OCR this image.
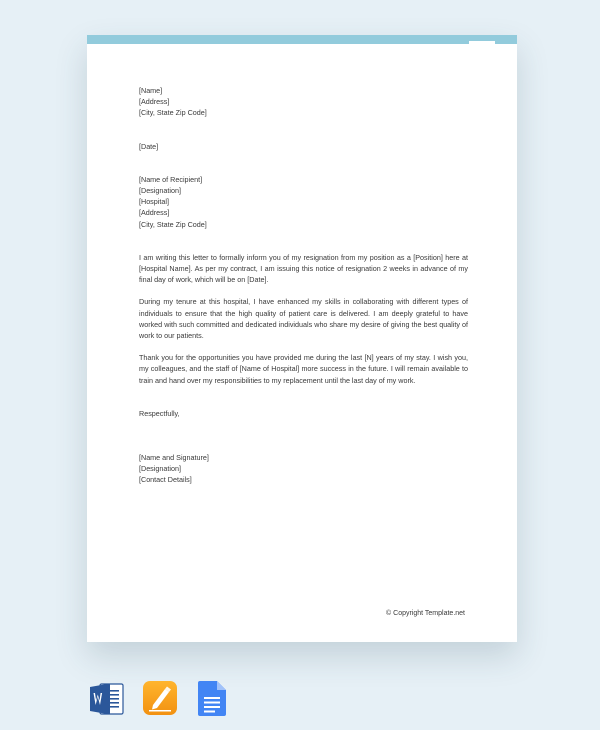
[Name]
[Address]
[City, State Zip Code]
[Date]
[Name of Recipient]
[Designation]
[Hospital]
[Address]
[City, State Zip Code]

I am writing this letter to formally inform you of my resignation from my position as a [Position] here at [Hospital Name]. As per my contract, I am issuing this notice of resignation 2 weeks in advance of my final day of work, which will be on [Date].

During my tenure at this hospital, I have enhanced my skills in collaborating with different types of individuals to ensure that the high quality of patient care is delivered. I am deeply grateful to have worked with such committed and dedicated individuals who share my desire of giving the best quality of work to our patients.

Thank you for the opportunities you have provided me during the last [N] years of my stay. I wish you, my colleagues, and the staff of [Name of Hospital] more success in the future. I will remain available to train and hand over my responsibilities to my replacement until the last day of my work.

Respectfully,
[Name and Signature]
[Designation]
[Contact Details]
© Copyright Template.net
